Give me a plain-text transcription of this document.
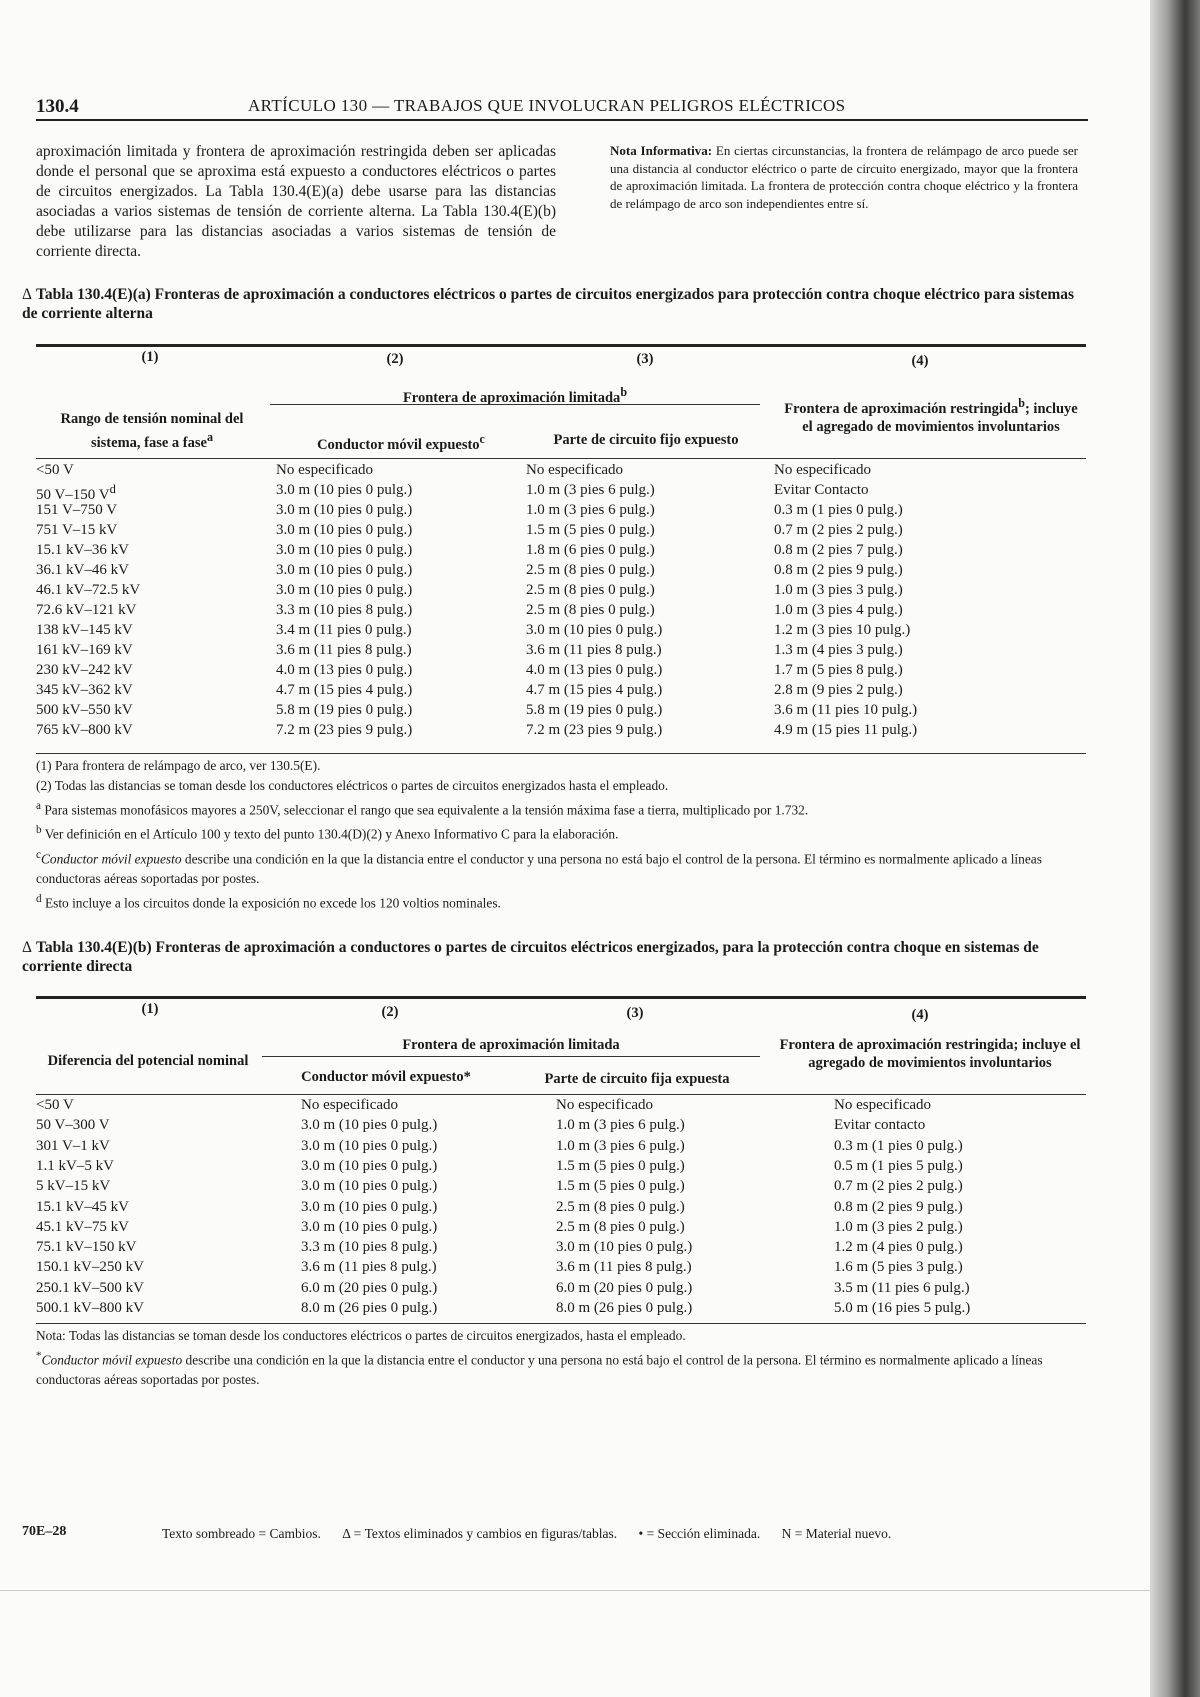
130.4	ARTÍCULO 130 — TRABAJOS QUE INVOLUCRAN PELIGROS ELÉCTRICOS
aproximación limitada y frontera de aproximación restringida deben ser aplicadas donde el personal que se aproxima está expuesto a conductores eléctricos o partes de circuitos energizados. La Tabla 130.4(E)(a) debe usarse para las distancias asociadas a varios sistemas de tensión de corriente alterna. La Tabla 130.4(E)(b) debe utilizarse para las distancias asociadas a varios sistemas de tensión de corriente directa.
Nota Informativa: En ciertas circunstancias, la frontera de relámpago de arco puede ser una distancia al conductor eléctrico o parte de circuito energizado, mayor que la frontera de aproximación limitada. La frontera de protección contra choque eléctrico y la frontera de relámpago de arco son independientes entre sí.
Δ Tabla 130.4(E)(a) Fronteras de aproximación a conductores eléctricos o partes de circuitos energizados para protección contra choque eléctrico para sistemas de corriente alterna
(1)	(2)	(3)	(4)
Frontera de aproximación limitada$^b$
Rango de tensión nominal del sistema, fase a fase$^a$	Conductor móvil expuesto$^c$	Parte de circuito fijo expuesto
Frontera de aproximación restringida$^b$; incluye el agregado de movimientos involuntarios
<50 V	No especificado	No especificado	No especificado
50 V–150 $V^d$	3.0 m (10 pies 0 pulg.)	1.0 m (3 pies 6 pulg.)	Evitar Contacto
151 V–750 V	3.0 m (10 pies 0 pulg.)	1.0 m (3 pies 6 pulg.)	0.3 m (1 pies 0 pulg.)
751 V–15 kV	3.0 m (10 pies 0 pulg.)	1.5 m (5 pies 0 pulg.)	0.7 m (2 pies 2 pulg.)
15.1 kV–36 kV	3.0 m (10 pies 0 pulg.)	1.8 m (6 pies 0 pulg.)	0.8 m (2 pies 7 pulg.)
36.1 kV–46 kV	3.0 m (10 pies 0 pulg.)	2.5 m (8 pies 0 pulg.)	0.8 m (2 pies 9 pulg.)
46.1 kV–72.5 kV	3.0 m (10 pies 0 pulg.)	2.5 m (8 pies 0 pulg.)	1.0 m (3 pies 3 pulg.)
72.6 kV–121 kV	3.3 m (10 pies 8 pulg.)	2.5 m (8 pies 0 pulg.)	1.0 m (3 pies 4 pulg.)
138 kV–145 kV	3.4 m (11 pies 0 pulg.)	3.0 m (10 pies 0 pulg.)	1.2 m (3 pies 10 pulg.)
161 kV–169 kV	3.6 m (11 pies 8 pulg.)	3.6 m (11 pies 8 pulg.)	1.3 m (4 pies 3 pulg.)
230 kV–242 kV	4.0 m (13 pies 0 pulg.)	4.0 m (13 pies 0 pulg.)	1.7 m (5 pies 8 pulg.)
345 kV–362 kV	4.7 m (15 pies 4 pulg.)	4.7 m (15 pies 4 pulg.)	2.8 m (9 pies 2 pulg.)
500 kV–550 kV	5.8 m (19 pies 0 pulg.)	5.8 m (19 pies 0 pulg.)	3.6 m (11 pies 10 pulg.)
765 kV–800 kV	7.2 m (23 pies 9 pulg.)	7.2 m (23 pies 9 pulg.)	4.9 m (15 pies 11 pulg.)
(1) Para frontera de relámpago de arco, ver 130.5(E).
(2) Todas las distancias se toman desde los conductores eléctricos o partes de circuitos energizados hasta el empleado.
$^a$ Para sistemas monofásicos mayores a 250V, seleccionar el rango que sea equivalente a la tensión máxima fase a tierra, multiplicado por 1.732.
$^b$ Ver definición en el Artículo 100 y texto del punto 130.4(D)(2) y Anexo Informativo C para la elaboración.
$^c$Conductor móvil expuesto describe una condición en la que la distancia entre el conductor y una persona no está bajo el control de la persona. El término es normalmente aplicado a líneas conductoras aéreas soportadas por postes.
$^d$ Esto incluye a los circuitos donde la exposición no excede los 120 voltios nominales.
Δ Tabla 130.4(E)(b) Fronteras de aproximación a conductores o partes de circuitos eléctricos energizados, para la protección contra choque en sistemas de corriente directa
(1)	(2)	(3)	(4)
Frontera de aproximación limitada
Diferencia del potencial nominal
Conductor móvil expuesto*	Parte de circuito fija expuesta
Frontera de aproximación restringida; incluye el agregado de movimientos involuntarios
<50 V	No especificado	No especificado	No especificado
50 V–300 V	3.0 m (10 pies 0 pulg.)	1.0 m (3 pies 6 pulg.)	Evitar contacto
301 V–1 kV	3.0 m (10 pies 0 pulg.)	1.0 m (3 pies 6 pulg.)	0.3 m (1 pies 0 pulg.)
1.1 kV–5 kV	3.0 m (10 pies 0 pulg.)	1.5 m (5 pies 0 pulg.)	0.5 m (1 pies 5 pulg.)
5 kV–15 kV	3.0 m (10 pies 0 pulg.)	1.5 m (5 pies 0 pulg.)	0.7 m (2 pies 2 pulg.)
15.1 kV–45 kV	3.0 m (10 pies 0 pulg.)	2.5 m (8 pies 0 pulg.)	0.8 m (2 pies 9 pulg.)
45.1 kV–75 kV	3.0 m (10 pies 0 pulg.)	2.5 m (8 pies 0 pulg.)	1.0 m (3 pies 2 pulg.)
75.1 kV–150 kV	3.3 m (10 pies 8 pulg.)	3.0 m (10 pies 0 pulg.)	1.2 m (4 pies 0 pulg.)
150.1 kV–250 kV	3.6 m (11 pies 8 pulg.)	3.6 m (11 pies 8 pulg.)	1.6 m (5 pies 3 pulg.)
250.1 kV–500 kV	6.0 m (20 pies 0 pulg.)	6.0 m (20 pies 0 pulg.)	3.5 m (11 pies 6 pulg.)
500.1 kV–800 kV	8.0 m (26 pies 0 pulg.)	8.0 m (26 pies 0 pulg.)	5.0 m (16 pies 5 pulg.)
Nota: Todas las distancias se toman desde los conductores eléctricos o partes de circuitos energizados, hasta el empleado.
*Conductor móvil expuesto describe una condición en la que la distancia entre el conductor y una persona no está bajo el control de la persona. El término es normalmente aplicado a líneas conductoras aéreas soportadas por postes.
70E–28	Texto sombreado = Cambios. Δ = Textos eliminados y cambios en figuras/tablas. • = Sección eliminada. N = Material nuevo.
